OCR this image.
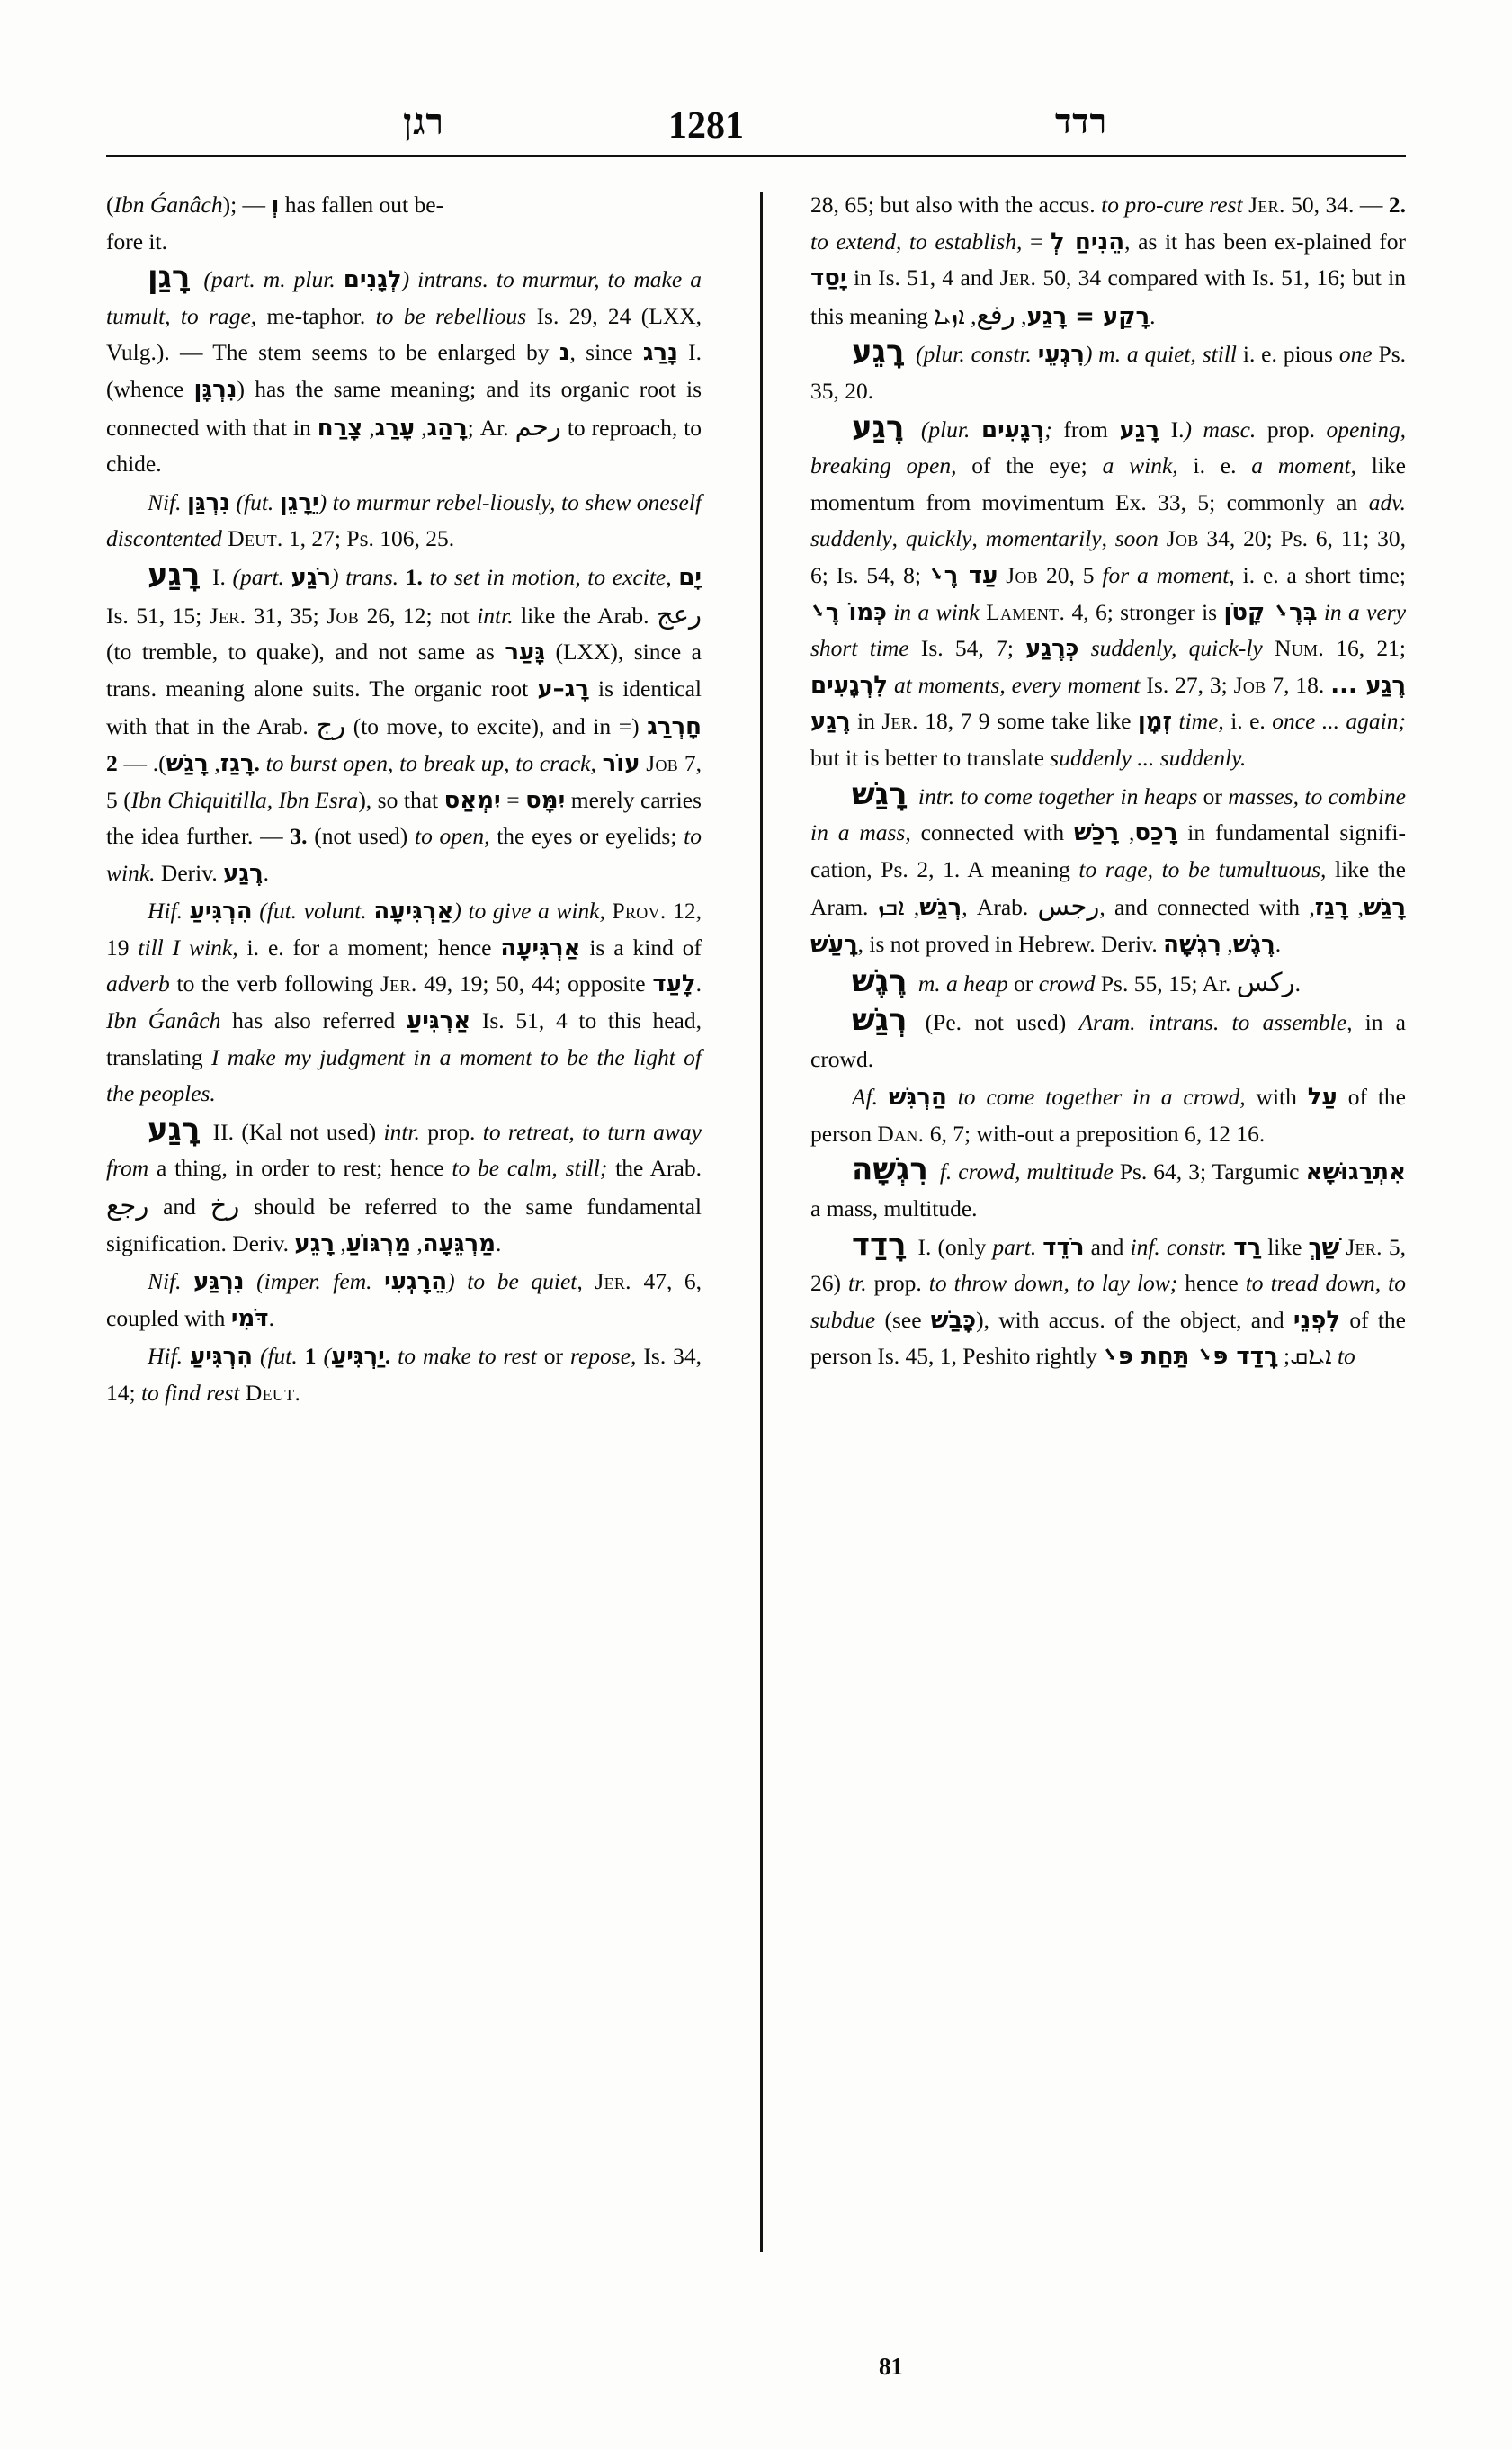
רגן	1281	רדד

(Ibn Ǵanâch); — וְ has fallen out be-
fore it.

רָגַן (part. m. plur. לְגָנִים) intrans. to murmur, to make a tumult, to rage, me-taphor. to be rebellious Is. 29, 24 (LXX, Vulg.). — The stem seems to be enlarged by נ, since נָרַג I. (whence נִרְגָּן) has the same meaning; and its organic root is connected with that in	רָהַג, עָרַג, צָרַח	; Ar. رحم to reproach, to chide.

Nif. נִרְגַּן (fut. יֵרָגֵן) to murmur rebel-liously, to shew oneself discontented Deut. 1, 27; Ps. 106, 25.

רָגַע I. (part. רֹגַע) trans. 1. to set in motion, to excite, יָם Is. 51, 15; Jer. 31, 35; Job 26, 12; not intr. like the Arab. رعج (to tremble, to quake), and not same as גָּעַר (LXX), since a trans. meaning alone suits. The organic root רָג–ע is identical with that in the Arab. رج (to move, to excite), and in חָרְרַג (= רָגַז, רָגַשׁ). — 2. to burst open, to break up, to crack, עוֹר Job 7, 5 (Ibn Chiquitilla, Ibn Esra), so that	יִמָּס = יִמְאַס	merely carries the idea further. — 3. (not used) to open, the eyes or eyelids; to wink. Deriv. רֶגַע.

Hif. הִרְגִּיעַ (fut. volunt. אַרְגִּיעָה) to give a wink, Prov. 12, 19 till I wink, i. e. for a moment; hence אַרְגִּיעָה is a kind of adverb to the verb following Jer. 49, 19; 50, 44; opposite לָעַד. Ibn Ǵanâch has also referred אַרְגִּיעַ Is. 51, 4 to this head, translating I make my judgment in a moment to be the light of the peoples.

רָגַע II. (Kal not used) intr. prop. to retreat, to turn away from a thing, in order to rest; hence to be calm, still; the Arab. رجع and رخ should be referred to the same fundamental signification. Deriv.	מַרְגֵּעָה, מַרְגּוֹעַ, רָגֵע	.

Nif. נִרְגַּע (imper. fem. הֵרָגְעִי) to be quiet, Jer. 47, 6, coupled with דֹּמִי.

Hif. הִרְגִּיעַ (fut. יַרְגִּיעַ) 1. to make to rest or repose, Is. 34, 14; to find rest Deut.

28, 65; but also with the accus. to pro-cure rest Jer. 50, 34. — 2. to extend, to establish, = הֵנִיחַ לְ, as it has been ex-plained for יָסַד in Is. 51, 4 and Jer. 50, 34 compared with Is. 51, 16; but in this meaning	רָקַע = רָגַע, رفع, ܐܙܝܐ	.

רָגֵע (plur. constr. רִגְעֵי) m. a quiet, still i. e. pious one Ps. 35, 20.

רֶגַע (plur. רְגָעִים; from רָגַע I.) masc. prop. opening, breaking open, of the eye; a wink, i. e. a moment, like momentum from movimentum Ex. 33, 5; commonly an adv. suddenly, quickly, momentarily, soon Job 34, 20; Ps. 6, 11; 30, 6; Is. 54, 8; עַד רֶ܌ Job 20, 5 for a moment, i. e. a short time; כְּמוֹ רֶ܌ in a wink Lament. 4, 6; stronger is בְּרֶ܌ קָטֹן in a very short time Is. 54, 7; כְּרֶגַע suddenly, quick-ly Num. 16, 21; לִרְגָעִים at moments, every moment Is. 27, 3; Job 7, 18. רֶגַע ... רֶגַע in Jer. 18, 7 9 some take like זְמָן time, i. e. once ... again; but it is better to translate suddenly ... suddenly.

רָגַשׁ intr. to come together in heaps or masses, to combine in a mass, connected with	רָכַס, רָכַשׁ	in fundamental signifi-cation, Ps. 2, 1. A meaning to rage, to be tumultuous, like the Aram. רְגַשׁ, ܐܒܙ , Arab. رجس, and connected with רָגַשׁ, רָגַז, רָעַשׁ, is not proved in Hebrew. Deriv.	רֶגֶשׁ, רִגְשָׁה .

רֶגֶשׁ m. a heap or crowd Ps. 55, 15; Ar. ركس.

רְגַשׁ (Pe. not used) Aram. intrans. to assemble, in a crowd.

Af. הַרְגִּשׁ to come together in a crowd, with עַל of the person Dan. 6, 7; with-out a preposition 6, 12 16.

רִגְשָׁה f. crowd, multitude Ps. 64, 3; Targumic אִתְרַגוּשָׁא a mass, multitude.

רָדַד I. (only part. רֹדֵד and inf. constr. רַד like שַׁךְ Jer. 5, 26) tr. prop. to throw down, to lay low; hence to tread down, to subdue (see כָּבַשׁ), with accus. of the object, and לִפְנֵי of the person Is. 45, 1, Peshito rightly	ܐܝܐܩ; רָדַד פּ܌ תַּחַת פּ܌	to

81
